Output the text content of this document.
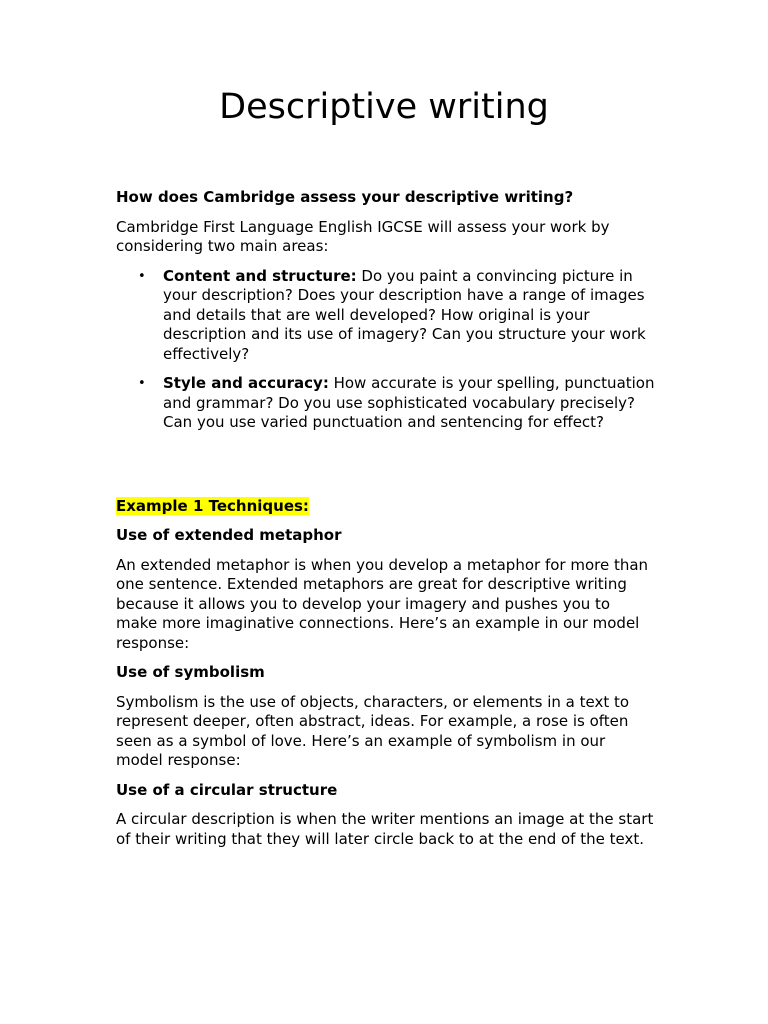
Descriptive writing

How does Cambridge assess your descriptive writing?

Cambridge First Language English IGCSE will assess your work by considering two main areas:

• Content and structure: Do you paint a convincing picture in your description? Does your description have a range of images and details that are well developed? How original is your description and its use of imagery? Can you structure your work effectively?
• Style and accuracy: How accurate is your spelling, punctuation and grammar? Do you use sophisticated vocabulary precisely? Can you use varied punctuation and sentencing for effect?

Example 1 Techniques:

Use of extended metaphor

An extended metaphor is when you develop a metaphor for more than one sentence. Extended metaphors are great for descriptive writing because it allows you to develop your imagery and pushes you to make more imaginative connections. Here’s an example in our model response:

Use of symbolism

Symbolism is the use of objects, characters, or elements in a text to represent deeper, often abstract, ideas. For example, a rose is often seen as a symbol of love. Here’s an example of symbolism in our model response:

Use of a circular structure

A circular description is when the writer mentions an image at the start of their writing that they will later circle back to at the end of the text.
